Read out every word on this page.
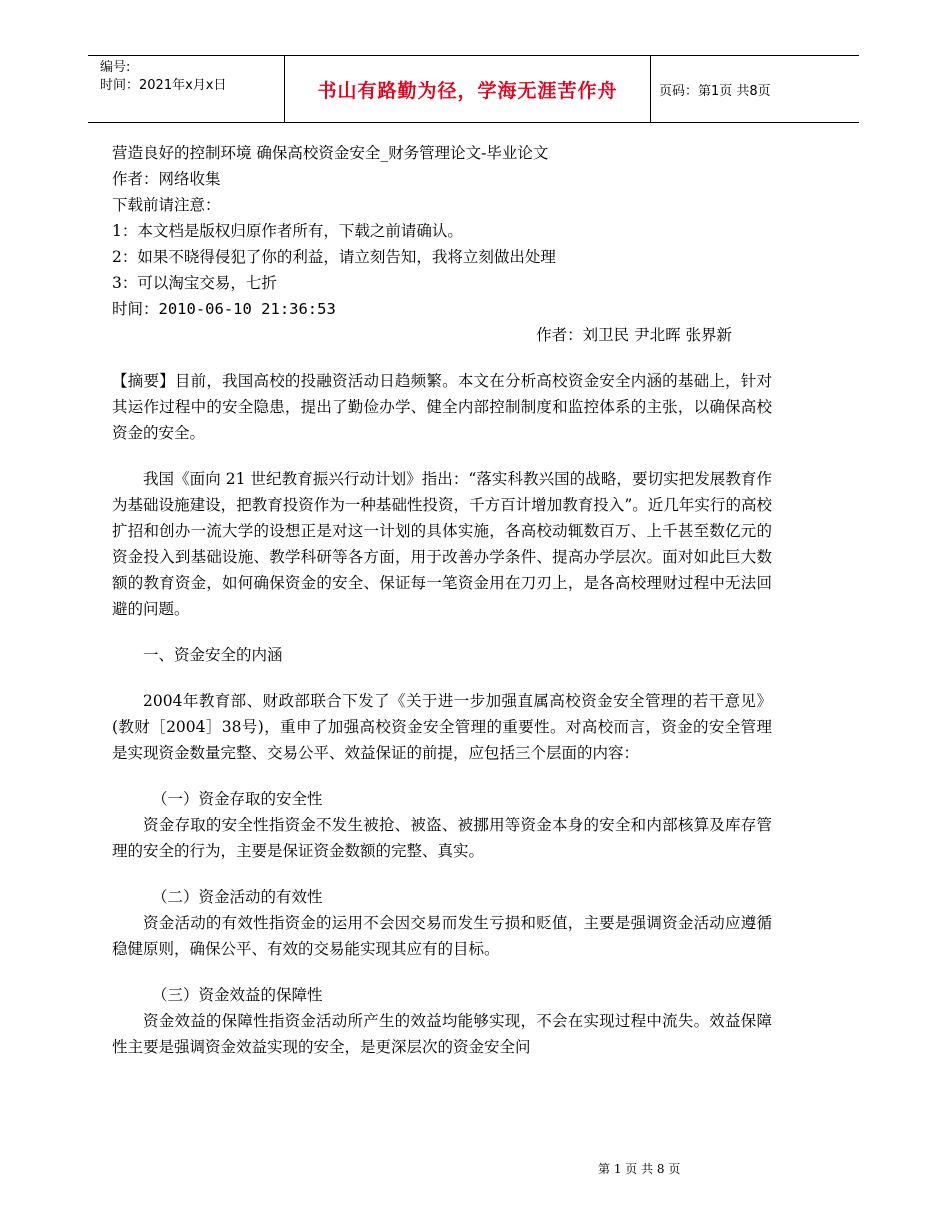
编号:
时间：2021年x月x日	书山有路勤为径，学海无涯苦作舟	页码：第1页 共8页

营造良好的控制环境 确保高校资金安全_财务管理论文-毕业论文

作者：网络收集

下载前请注意：

1：本文档是版权归原作者所有，下载之前请确认。

2：如果不晓得侵犯了你的利益，请立刻告知，我将立刻做出处理

3：可以淘宝交易，七折

时间：2010-06-10 21:36:53

作者：刘卫民 尹北晖 张界新

【摘要】目前，我国高校的投融资活动日趋频繁。本文在分析高校资金安全内涵的基础上，针对其运作过程中的安全隐患，提出了勤俭办学、健全内部控制制度和监控体系的主张，以确保高校资金的安全。

我国《面向 21 世纪教育振兴行动计划》指出：“落实科教兴国的战略，要切实把发展教育作为基础设施建设，把教育投资作为一种基础性投资，千方百计增加教育投入”。近几年实行的高校扩招和创办一流大学的设想正是对这一计划的具体实施，各高校动辄数百万、上千甚至数亿元的资金投入到基础设施、教学科研等各方面，用于改善办学条件、提高办学层次。面对如此巨大数额的教育资金，如何确保资金的安全、保证每一笔资金用在刀刃上，是各高校理财过程中无法回避的问题。

一、资金安全的内涵

2004年教育部、财政部联合下发了《关于进一步加强直属高校资金安全管理的若干意见》(教财［2004］38号)，重申了加强高校资金安全管理的重要性。对高校而言，资金的安全管理是实现资金数量完整、交易公平、效益保证的前提，应包括三个层面的内容：

（一）资金存取的安全性

资金存取的安全性指资金不发生被抢、被盗、被挪用等资金本身的安全和内部核算及库存管理的安全的行为，主要是保证资金数额的完整、真实。

（二）资金活动的有效性

资金活动的有效性指资金的运用不会因交易而发生亏损和贬值，主要是强调资金活动应遵循稳健原则，确保公平、有效的交易能实现其应有的目标。

（三）资金效益的保障性

资金效益的保障性指资金活动所产生的效益均能够实现，不会在实现过程中流失。效益保障性主要是强调资金效益实现的安全，是更深层次的资金安全问

第 1 页 共 8 页
